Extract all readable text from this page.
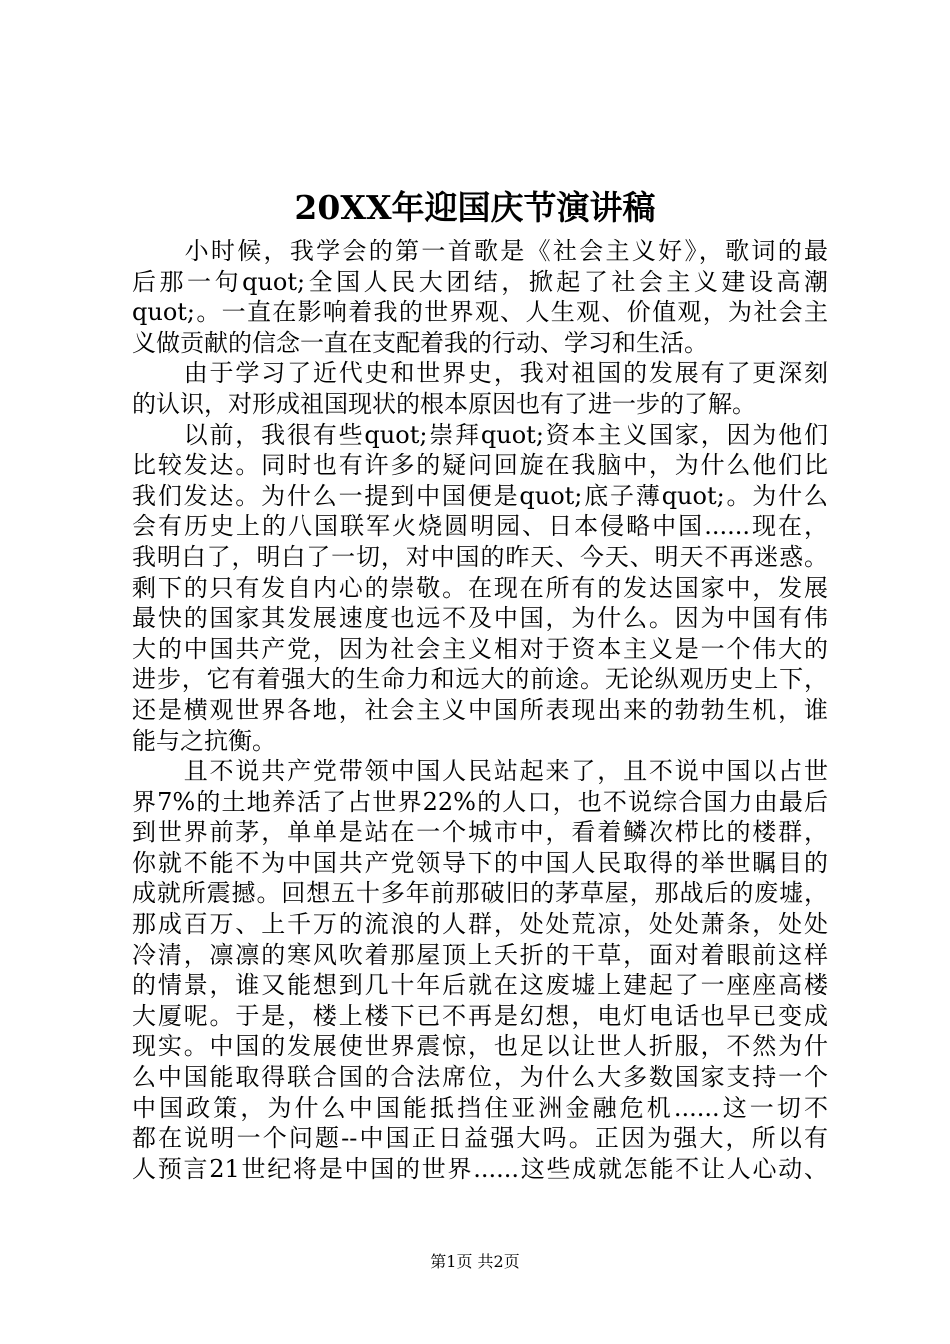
20XX年迎国庆节演讲稿
　　小时候，我学会的第一首歌是《社会主义好》，歌词的最
后那一句quot;全国人民大团结，掀起了社会主义建设高潮
quot;。一直在影响着我的世界观、人生观、价值观，为社会主
义做贡献的信念一直在支配着我的行动、学习和生活。
　　由于学习了近代史和世界史，我对祖国的发展有了更深刻
的认识，对形成祖国现状的根本原因也有了进一步的了解。
　　以前，我很有些quot;崇拜quot;资本主义国家，因为他们
比较发达。同时也有许多的疑问回旋在我脑中，为什么他们比
我们发达。为什么一提到中国便是quot;底子薄quot;。为什么
会有历史上的八国联军火烧圆明园、日本侵略中国......现在，
我明白了，明白了一切，对中国的昨天、今天、明天不再迷惑。
剩下的只有发自内心的崇敬。在现在所有的发达国家中，发展
最快的国家其发展速度也远不及中国，为什么。因为中国有伟
大的中国共产党，因为社会主义相对于资本主义是一个伟大的
进步，它有着强大的生命力和远大的前途。无论纵观历史上下，
还是横观世界各地，社会主义中国所表现出来的勃勃生机，谁
能与之抗衡。
　　且不说共产党带领中国人民站起来了，且不说中国以占世
界7%的土地养活了占世界22%的人口，也不说综合国力由最后
到世界前茅，单单是站在一个城市中，看着鳞次栉比的楼群，
你就不能不为中国共产党领导下的中国人民取得的举世瞩目的
成就所震撼。回想五十多年前那破旧的茅草屋，那战后的废墟，
那成百万、上千万的流浪的人群，处处荒凉，处处萧条，处处
冷清，凛凛的寒风吹着那屋顶上夭折的干草，面对着眼前这样
的情景，谁又能想到几十年后就在这废墟上建起了一座座高楼
大厦呢。于是，楼上楼下已不再是幻想，电灯电话也早已变成
现实。中国的发展使世界震惊，也足以让世人折服，不然为什
么中国能取得联合国的合法席位，为什么大多数国家支持一个
中国政策，为什么中国能抵挡住亚洲金融危机......这一切不
都在说明一个问题--中国正日益强大吗。正因为强大，所以有
人预言21世纪将是中国的世界......这些成就怎能不让人心动、
第1页 共2页
